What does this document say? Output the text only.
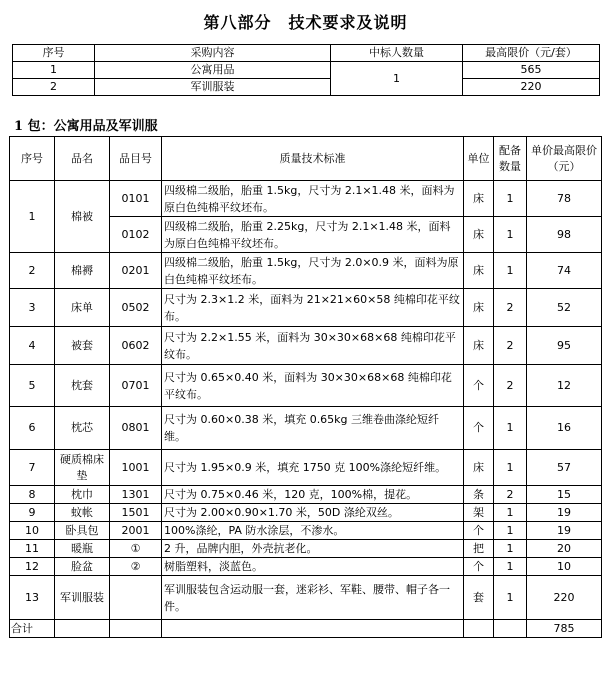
第八部分　技术要求及说明
序号	采购内容	中标人数量	最高限价（元/套）
1	公寓用品	1	565
2	军训服装		220
1 包：公寓用品及军训服
序号	品名	品目号	质量技术标准	单位	配备数量	单价最高限价（元）
1	棉被	0101	四级棉二级胎，胎重 1.5kg，尺寸为 2.1×1.48 米，面料为原白色纯棉平纹坯布。	床	1	78
		0102	四级棉二级胎，胎重 2.25kg，尺寸为 2.1×1.48 米，面料为原白色纯棉平纹坯布。	床	1	98
2	棉褥	0201	四级棉二级胎，胎重 1.5kg，尺寸为 2.0×0.9 米，面料为原白色纯棉平纹坯布。	床	1	74
3	床单	0502	尺寸为 2.3×1.2 米，面料为 21×21×60×58 纯棉印花平纹布。	床	2	52
4	被套	0602	尺寸为 2.2×1.55 米，面料为 30×30×68×68 纯棉印花平纹布。	床	2	95
5	枕套	0701	尺寸为 0.65×0.40 米，面料为 30×30×68×68 纯棉印花平纹布。	个	2	12
6	枕芯	0801	尺寸为 0.60×0.38 米，填充 0.65kg 三维卷曲涤纶短纤维。	个	1	16
7	硬质棉床垫	1001	尺寸为 1.95×0.9 米，填充 1750 克 100%涤纶短纤维。	床	1	57
8	枕巾	1301	尺寸为 0.75×0.46 米，120 克，100%棉，提花。	条	2	15
9	蚊帐	1501	尺寸为 2.00×0.90×1.70 米，50D 涤纶双丝。	架	1	19
10	卧具包	2001	100%涤纶，PA 防水涂层，不渗水。	个	1	19
11	暖瓶	①	2 升，品牌内胆，外壳抗老化。	把	1	20
12	脸盆	②	树脂塑料，淡蓝色。	个	1	10
13	军训服装		军训服装包含运动服一套，迷彩衫、军鞋、腰带、帽子各一件。	套	1	220
合计						785
